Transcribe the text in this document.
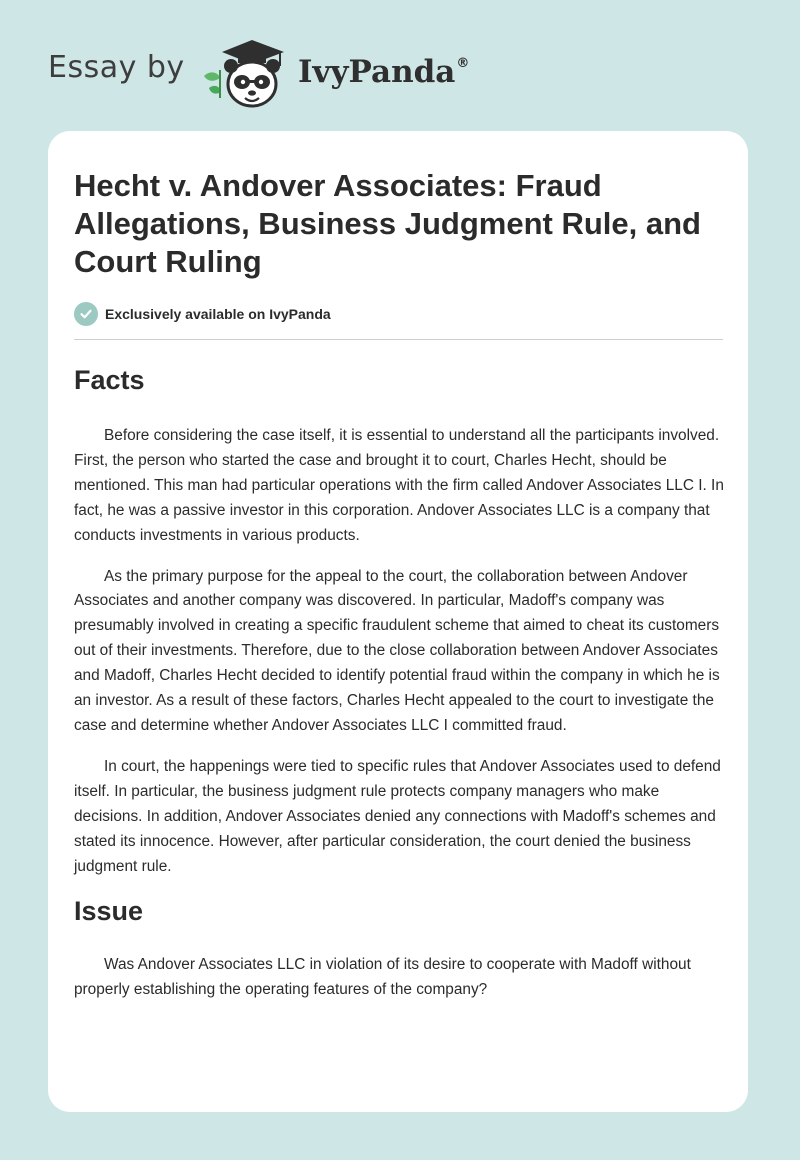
Essay by	IvyPanda®
Hecht v. Andover Associates: Fraud Allegations, Business Judgment Rule, and Court Ruling
Exclusively available on IvyPanda
Facts

Before considering the case itself, it is essential to understand all the participants involved. First, the person who started the case and brought it to court, Charles Hecht, should be mentioned. This man had particular operations with the firm called Andover Associates LLC I. In fact, he was a passive investor in this corporation. Andover Associates LLC is a company that conducts investments in various products.

As the primary purpose for the appeal to the court, the collaboration between Andover Associates and another company was discovered. In particular, Madoff's company was presumably involved in creating a specific fraudulent scheme that aimed to cheat its customers out of their investments. Therefore, due to the close collaboration between Andover Associates and Madoff, Charles Hecht decided to identify potential fraud within the company in which he is an investor. As a result of these factors, Charles Hecht appealed to the court to investigate the case and determine whether Andover Associates LLC I committed fraud.

In court, the happenings were tied to specific rules that Andover Associates used to defend itself. In particular, the business judgment rule protects company managers who make decisions. In addition, Andover Associates denied any connections with Madoff's schemes and stated its innocence. However, after particular consideration, the court denied the business judgment rule.

Issue

Was Andover Associates LLC in violation of its desire to cooperate with Madoff without properly establishing the operating features of the company?
